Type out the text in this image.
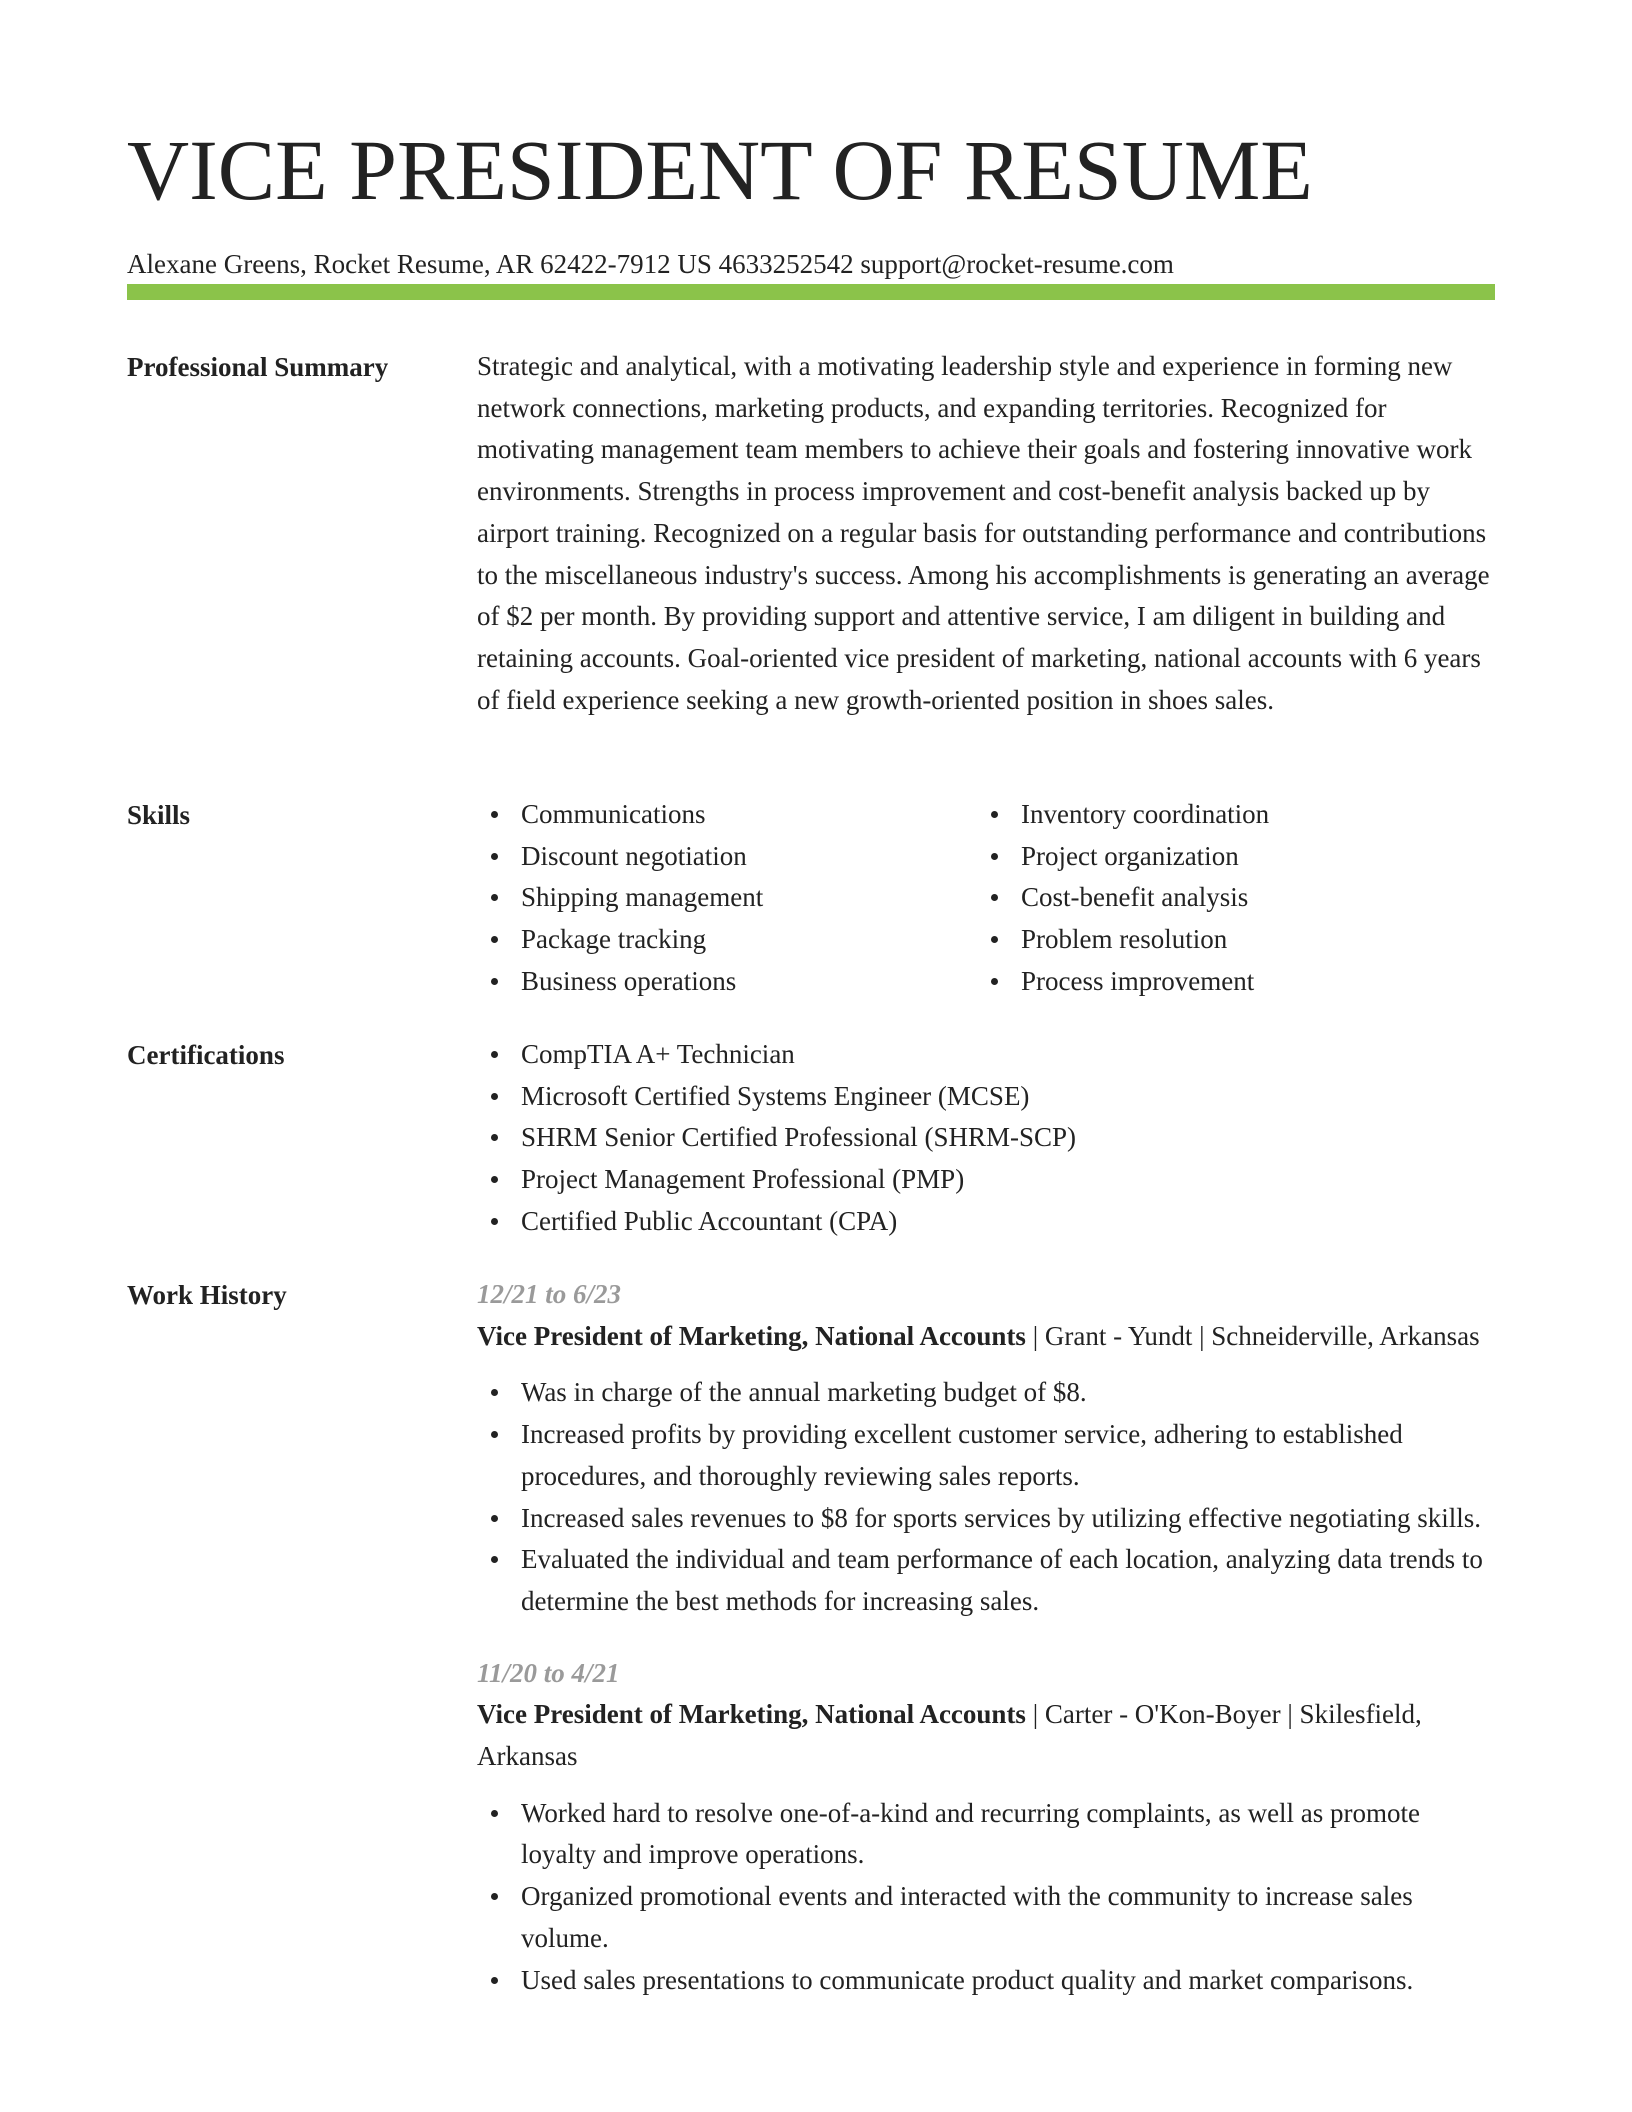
VICE PRESIDENT OF RESUME
Alexane Greens, Rocket Resume, AR 62422-7912 US 4633252542 support@rocket-resume.com
Professional Summary	Strategic and analytical, with a motivating leadership style and experience in forming new network connections, marketing products, and expanding territories. Recognized for motivating management team members to achieve their goals and fostering innovative work environments. Strengths in process improvement and cost-benefit analysis backed up by airport training. Recognized on a regular basis for outstanding performance and contributions to the miscellaneous industry's success. Among his accomplishments is generating an average of $2 per month. By providing support and attentive service, I am diligent in building and retaining accounts. Goal-oriented vice president of marketing, national accounts with 6 years of field experience seeking a new growth-oriented position in shoes sales.

Skills	Communications
Discount negotiation
Shipping management
Package tracking
Business operations
Inventory coordination
Project organization
Cost-benefit analysis
Problem resolution
Process improvement
Certifications	CompTIA A+ Technician
Microsoft Certified Systems Engineer (MCSE)
SHRM Senior Certified Professional (SHRM-SCP)
Project Management Professional (PMP)
Certified Public Accountant (CPA)
Work History	12/21 to 6/23
Vice President of Marketing, National Accounts | Grant - Yundt | Schneiderville, Arkansas
Was in charge of the annual marketing budget of $8.
Increased profits by providing excellent customer service, adhering to established procedures, and thoroughly reviewing sales reports.
Increased sales revenues to $8 for sports services by utilizing effective negotiating skills.
Evaluated the individual and team performance of each location, analyzing data trends to determine the best methods for increasing sales.
11/20 to 4/21
Vice President of Marketing, National Accounts | Carter - O'Kon-Boyer | Skilesfield, Arkansas
Worked hard to resolve one-of-a-kind and recurring complaints, as well as promote loyalty and improve operations.
Organized promotional events and interacted with the community to increase sales volume.
Used sales presentations to communicate product quality and market comparisons.
